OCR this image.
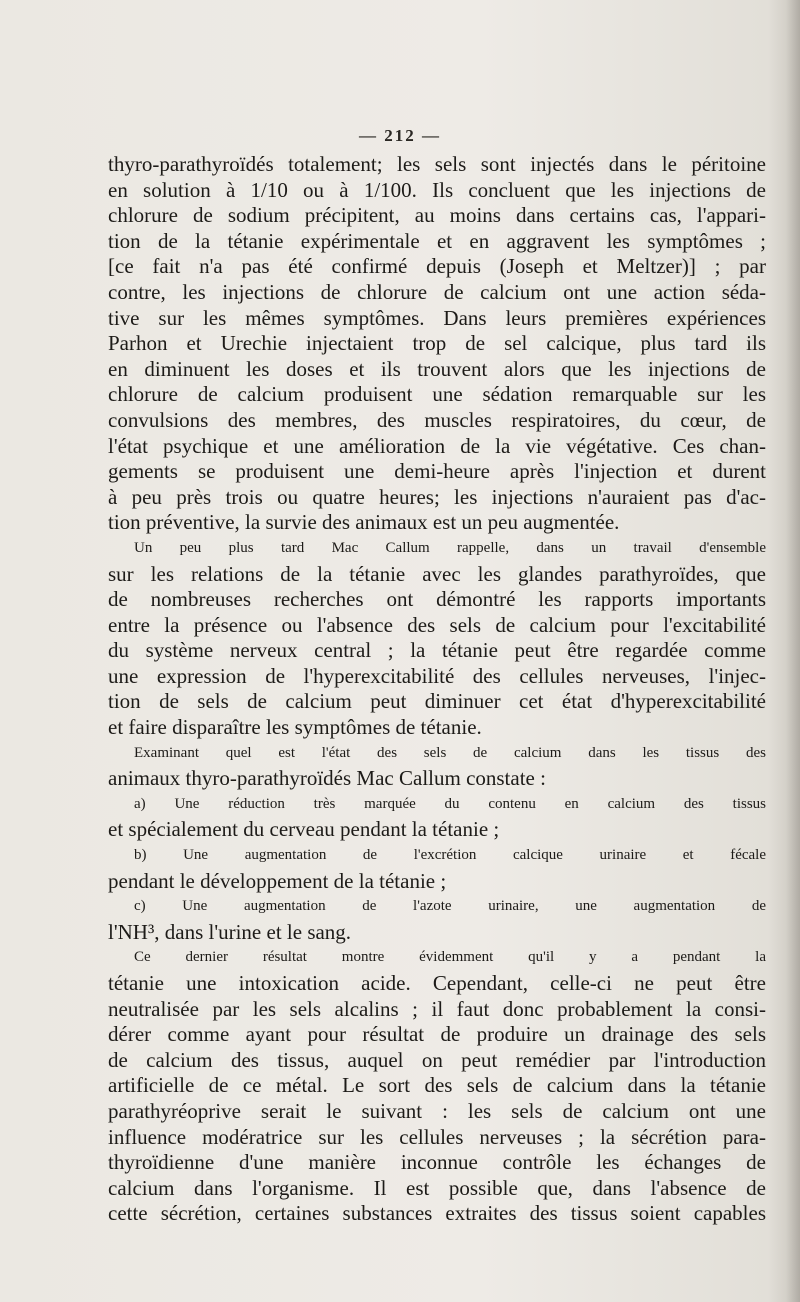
— 212 —
thyro-parathyroïdés totalement; les sels sont injectés dans le péritoine
en solution à 1/10 ou à 1/100. Ils concluent que les injections de
chlorure de sodium précipitent, au moins dans certains cas, l'appari-
tion de la tétanie expérimentale et en aggravent les symptômes ;
[ce fait n'a pas été confirmé depuis (Joseph et Meltzer)] ; par
contre, les injections de chlorure de calcium ont une action séda-
tive sur les mêmes symptômes. Dans leurs premières expériences
Parhon et Urechie injectaient trop de sel calcique, plus tard ils
en diminuent les doses et ils trouvent alors que les injections de
chlorure de calcium produisent une sédation remarquable sur les
convulsions des membres, des muscles respiratoires, du cœur, de
l'état psychique et une amélioration de la vie végétative. Ces chan-
gements se produisent une demi-heure après l'injection et durent
à peu près trois ou quatre heures; les injections n'auraient pas d'ac-
tion préventive, la survie des animaux est un peu augmentée.
Un peu plus tard Mac Callum rappelle, dans un travail d'ensemble
sur les relations de la tétanie avec les glandes parathyroïdes, que
de nombreuses recherches ont démontré les rapports importants
entre la présence ou l'absence des sels de calcium pour l'excitabilité
du système nerveux central ; la tétanie peut être regardée comme
une expression de l'hyperexcitabilité des cellules nerveuses, l'injec-
tion de sels de calcium peut diminuer cet état d'hyperexcitabilité
et faire disparaître les symptômes de tétanie.
Examinant quel est l'état des sels de calcium dans les tissus des
animaux thyro-parathyroïdés Mac Callum constate :
a) Une réduction très marquée du contenu en calcium des tissus
et spécialement du cerveau pendant la tétanie ;
b) Une augmentation de l'excrétion calcique urinaire et fécale
pendant le développement de la tétanie ;
c) Une augmentation de l'azote urinaire, une augmentation de
l'NH³, dans l'urine et le sang.
Ce dernier résultat montre évidemment qu'il y a pendant la
tétanie une intoxication acide. Cependant, celle-ci ne peut être
neutralisée par les sels alcalins ; il faut donc probablement la consi-
dérer comme ayant pour résultat de produire un drainage des sels
de calcium des tissus, auquel on peut remédier par l'introduction
artificielle de ce métal. Le sort des sels de calcium dans la tétanie
parathyréoprive serait le suivant : les sels de calcium ont une
influence modératrice sur les cellules nerveuses ; la sécrétion para-
thyroïdienne d'une manière inconnue contrôle les échanges de
calcium dans l'organisme. Il est possible que, dans l'absence de
cette sécrétion, certaines substances extraites des tissus soient capables
